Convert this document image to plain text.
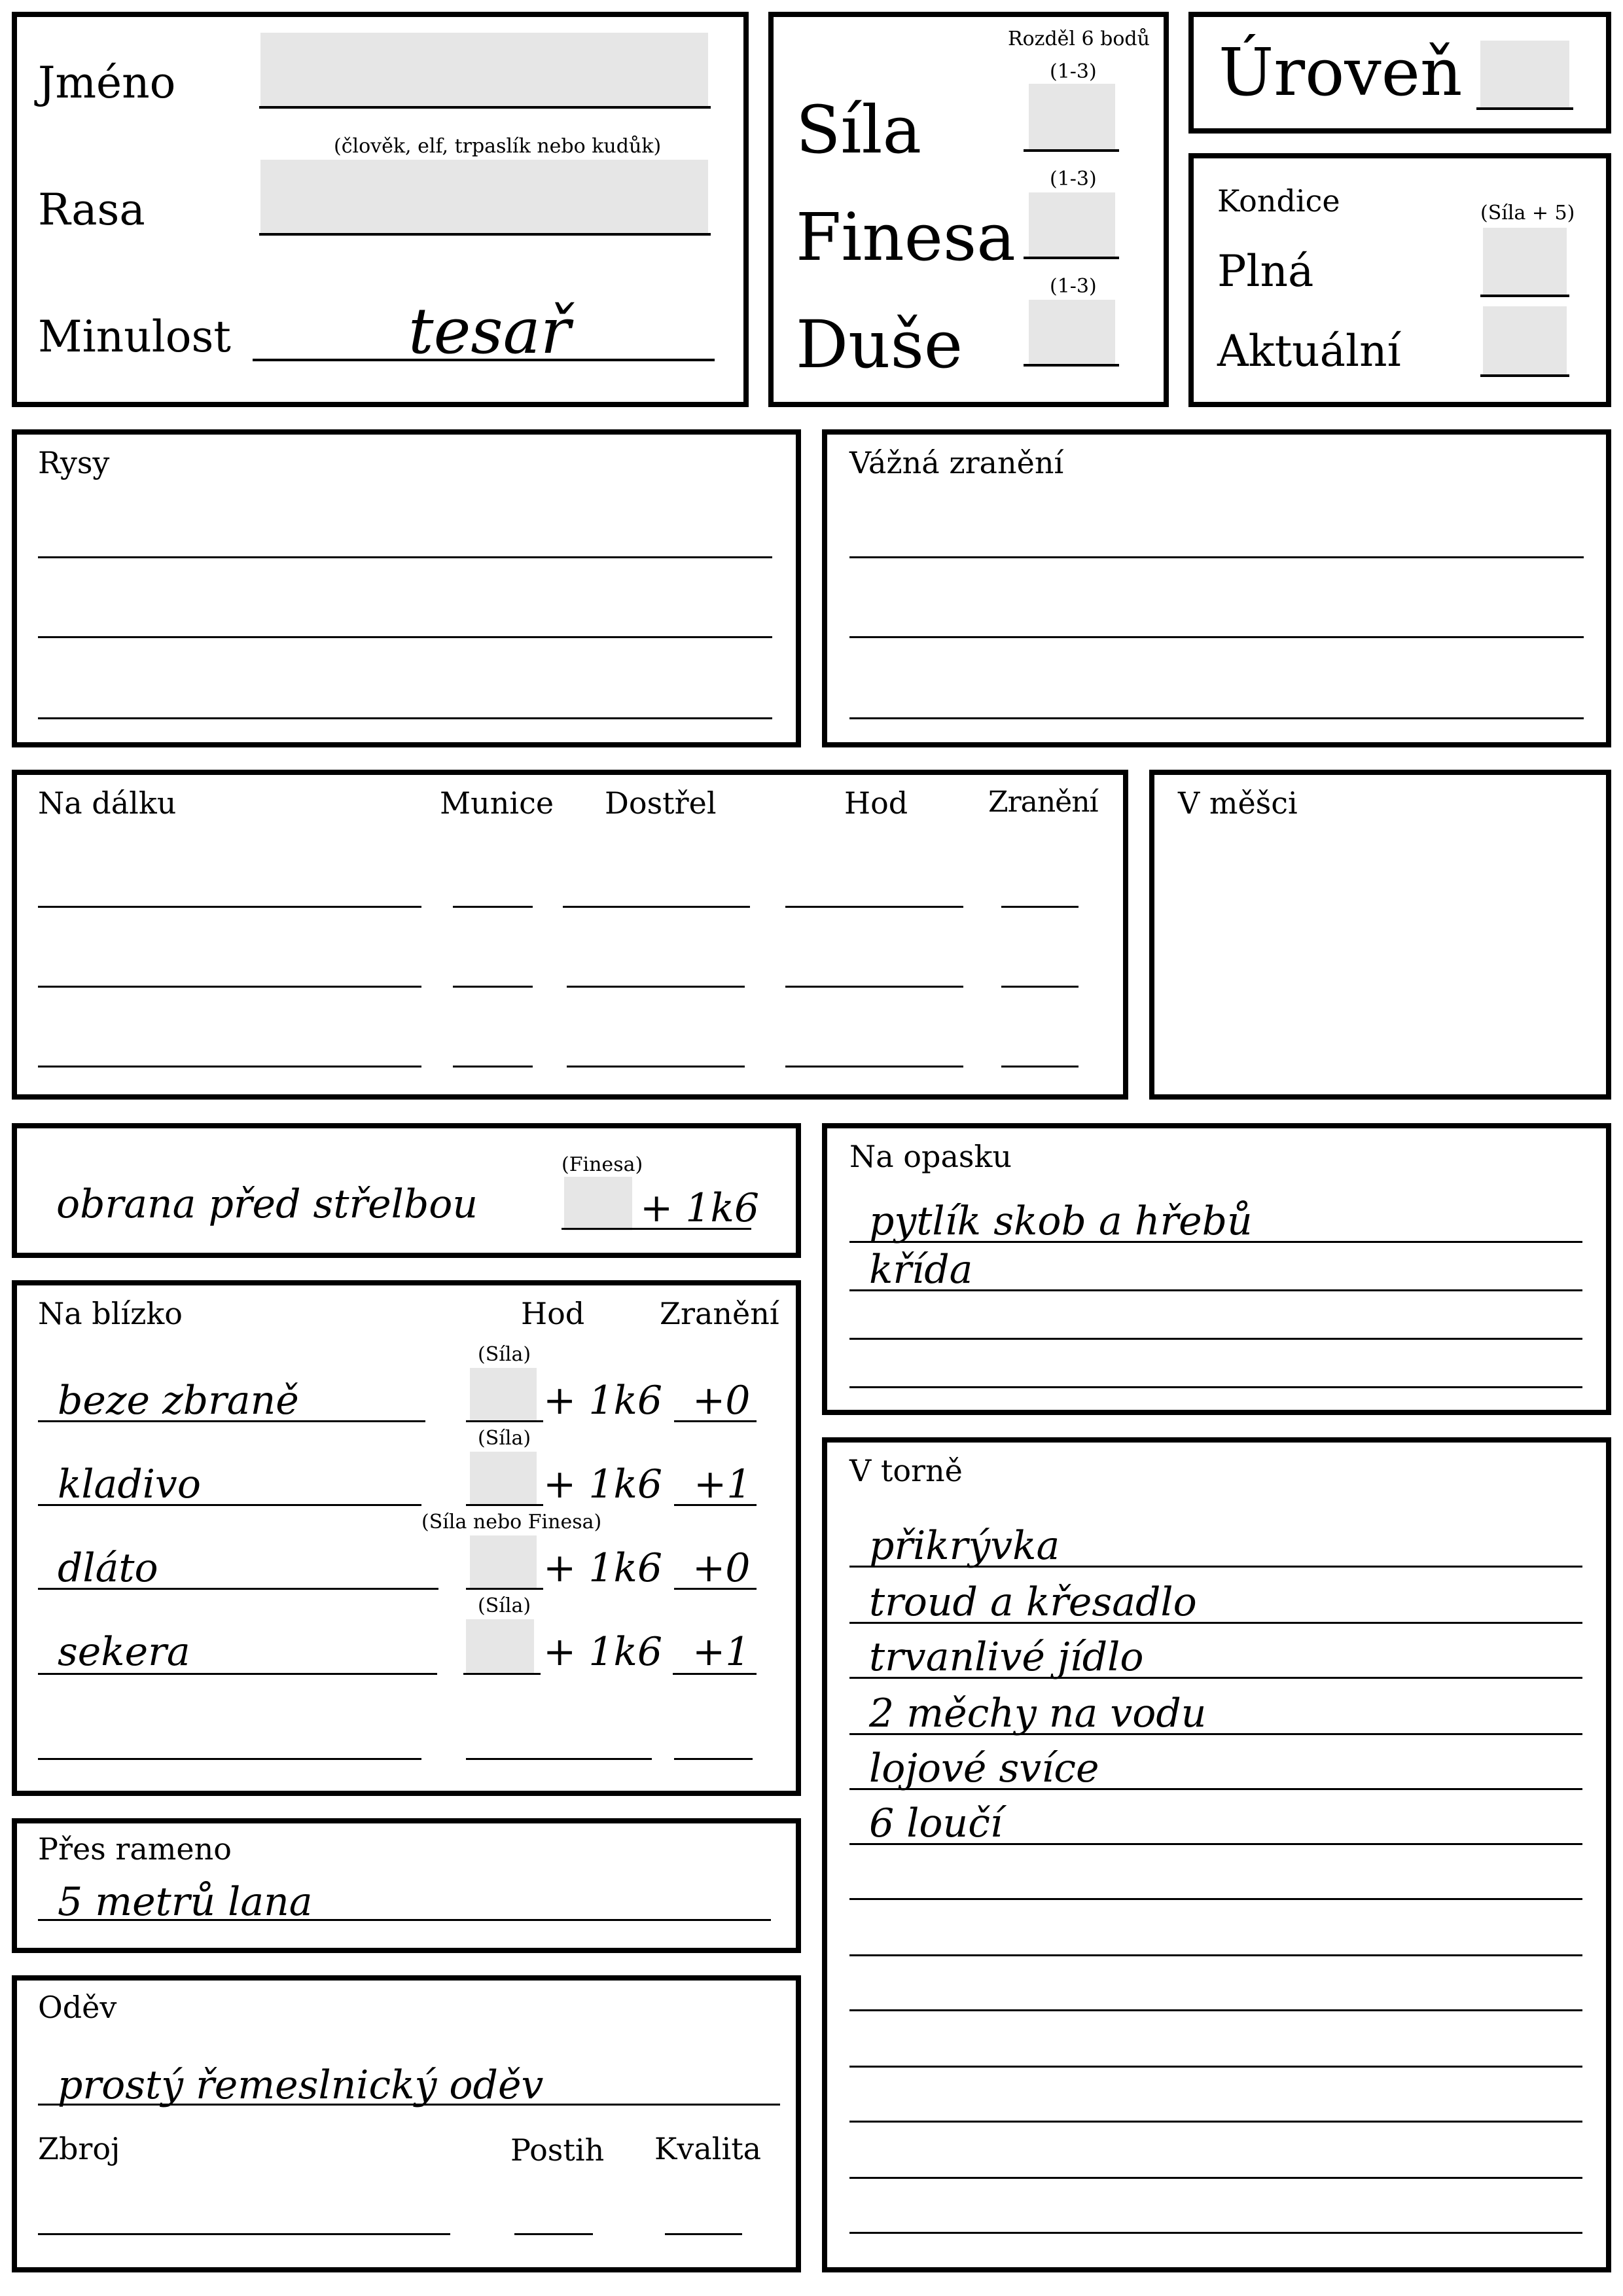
Jméno
(člověk, elf, trpaslík nebo kudůk)
Rasa
Minulost	tesař
Rozděl 6 bodů
(1-3)
Síla
(1-3)
Finesa
(1-3)
Duše
Úroveň
Kondice	(Síla + 5)
Plná
Aktuální
Rysy	Vážná zranění
Na dálku	Munice Dostřel	Hod	Zranění	V měšci
obrana před střelbou
(Finesa)
+ 1k6
Na blízko	Hod Zranění
(Síla)
beze zbraně	+ 1k6 +0
(Síla)
kladivo	+ 1k6 +1
(Síla nebo Finesa)
dláto	+ 1k6 +0
(Síla)
sekera	+ 1k6 +1
Přes rameno
5 metrů lana
Oděv
prostý řemeslnický oděv
Zbroj	Postih Kvalita
Na opasku
pytlík skob a hřebů
křída
V torně
přikrývka
troud a křesadlo
trvanlivé jídlo
2 měchy na vodu
lojové svíce
6 loučí
